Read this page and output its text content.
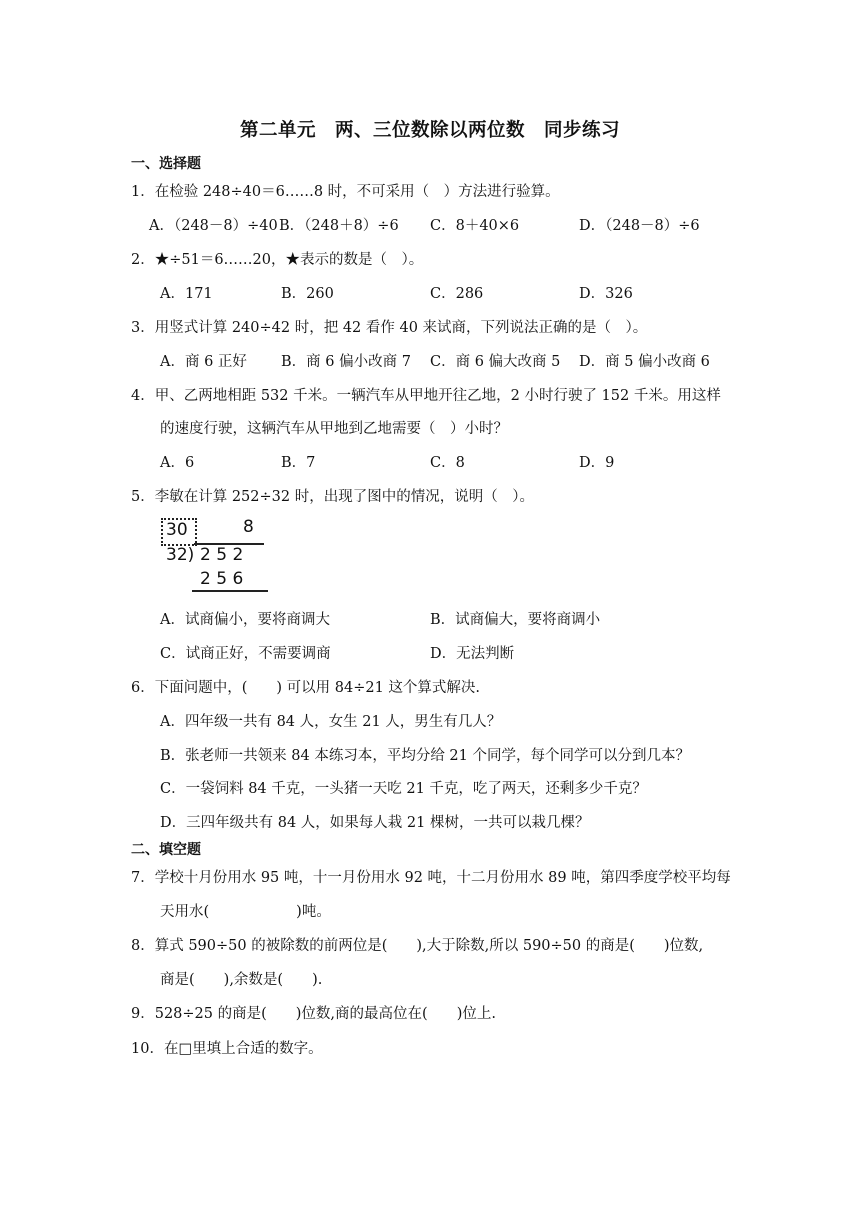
第二单元　两、三位数除以两位数　同步练习
一、选择题
1．在检验 248÷40＝6……8 时，不可采用（　）方法进行验算。
A．（248－8）÷40 B．（248＋8）÷6 C．8＋40×6	D．（248－8）÷6
2．★÷51＝6……20，★表示的数是（　）。
A．171	B．260	C．286	D．326
3．用竖式计算 240÷42 时，把 42 看作 40 来试商，下列说法正确的是（　）。
A．商 6 正好 B．商 6 偏小改商 7 C．商 6 偏大改商 5 D．商 5 偏小改商 6
4．甲、乙两地相距 532 千米。一辆汽车从甲地开往乙地，2 小时行驶了 152 千米。用这样
的速度行驶，这辆汽车从甲地到乙地需要（　）小时？
A．6	B．7	C．8	D．9
5．李敏在计算 252÷32 时，出现了图中的情况，说明（　）。
30	8
32) 2 5 2
2 5 6
A．试商偏小，要将商调大	B．试商偏大，要将商调小
C．试商正好，不需要调商	D．无法判断
6．下面问题中，(　　) 可以用 84÷21 这个算式解决.
A．四年级一共有 84 人，女生 21 人，男生有几人？
B．张老师一共领来 84 本练习本，平均分给 21 个同学，每个同学可以分到几本？
C．一袋饲料 84 千克，一头猪一天吃 21 千克，吃了两天，还剩多少千克？
D．三四年级共有 84 人，如果每人栽 21 棵树，一共可以栽几棵？
二、填空题
7．学校十月份用水 95 吨，十一月份用水 92 吨，十二月份用水 89 吨，第四季度学校平均每
天用水(　　　　　　)吨。
8．算式 590÷50 的被除数的前两位是(　　),大于除数,所以 590÷50 的商是(　　)位数,
商是(　　),余数是(　　).
9．528÷25 的商是(　　)位数,商的最高位在(　　)位上.
10．在□里填上合适的数字。
